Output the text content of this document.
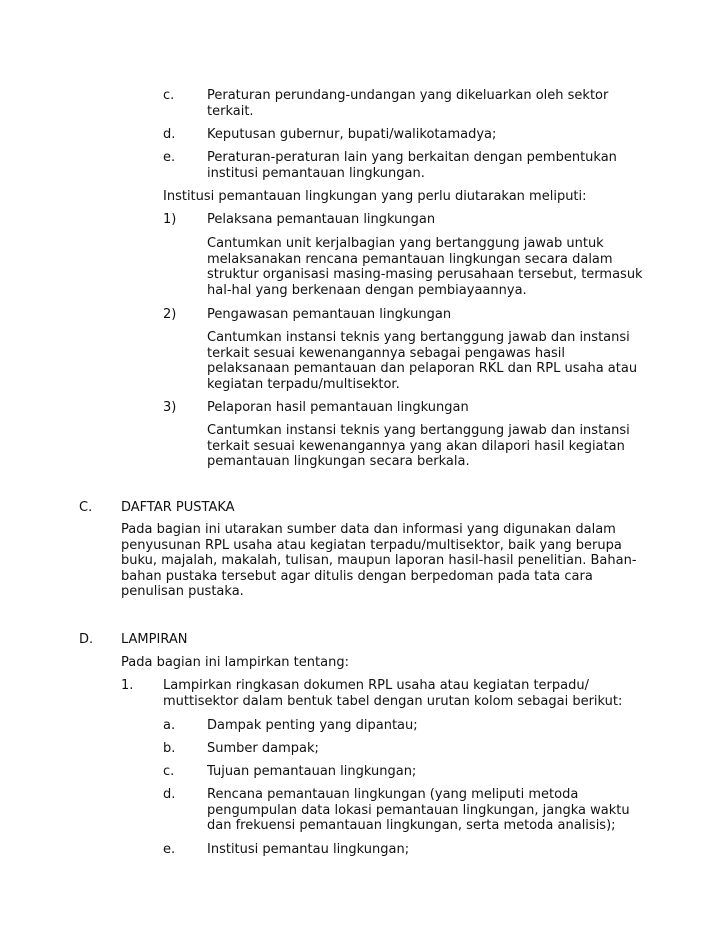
c.	Peraturan perundang-undangan yang dikeluarkan oleh sektor terkait.

d. Keputusan gubernur, bupati/walikotamadya;

e. Peraturan-peraturan lain yang berkaitan dengan pembentukan institusi pemantauan lingkungan.

Institusi pemantauan lingkungan yang perlu diutarakan meliputi:

1) Pelaksana pemantauan lingkungan

Cantumkan unit kerjalbagian yang bertanggung jawab untuk melaksanakan rencana pemantauan lingkungan secara dalam struktur organisasi masing-masing perusahaan tersebut, termasuk hal-hal yang berkenaan dengan pembiayaannya.

2) Pengawasan pemantauan lingkungan

Cantumkan instansi teknis yang bertanggung jawab dan instansi terkait sesuai kewenangannya sebagai pengawas hasil pelaksanaan pemantauan dan pelaporan RKL dan RPL usaha atau kegiatan terpadu/multisektor.

3) Pelaporan hasil pemantauan lingkungan

Cantumkan instansi teknis yang bertanggung jawab dan instansi terkait sesuai kewenangannya yang akan dilapori hasil kegiatan pemantauan lingkungan secara berkala.

C. DAFTAR PUSTAKA

Pada bagian ini utarakan sumber data dan informasi yang digunakan dalam penyusunan RPL usaha atau kegiatan terpadu/multisektor, baik yang berupa buku, majalah, makalah, tulisan, maupun laporan hasil-hasil penelitian. Bahan-bahan pustaka tersebut agar ditulis dengan berpedoman pada tata cara penulisan pustaka.

D. LAMPIRAN

Pada bagian ini lampirkan tentang:

1. Lampirkan ringkasan dokumen RPL usaha atau kegiatan terpadu/ muttisektor dalam bentuk tabel dengan urutan kolom sebagai berikut:

a. Dampak penting yang dipantau;

b. Sumber dampak;

c.	Tujuan pemantauan lingkungan;

d. Rencana pemantauan lingkungan (yang meliputi metoda pengumpulan data lokasi pemantauan lingkungan, jangka waktu dan frekuensi pemantauan lingkungan, serta metoda analisis);

e. Institusi pemantau lingkungan;
